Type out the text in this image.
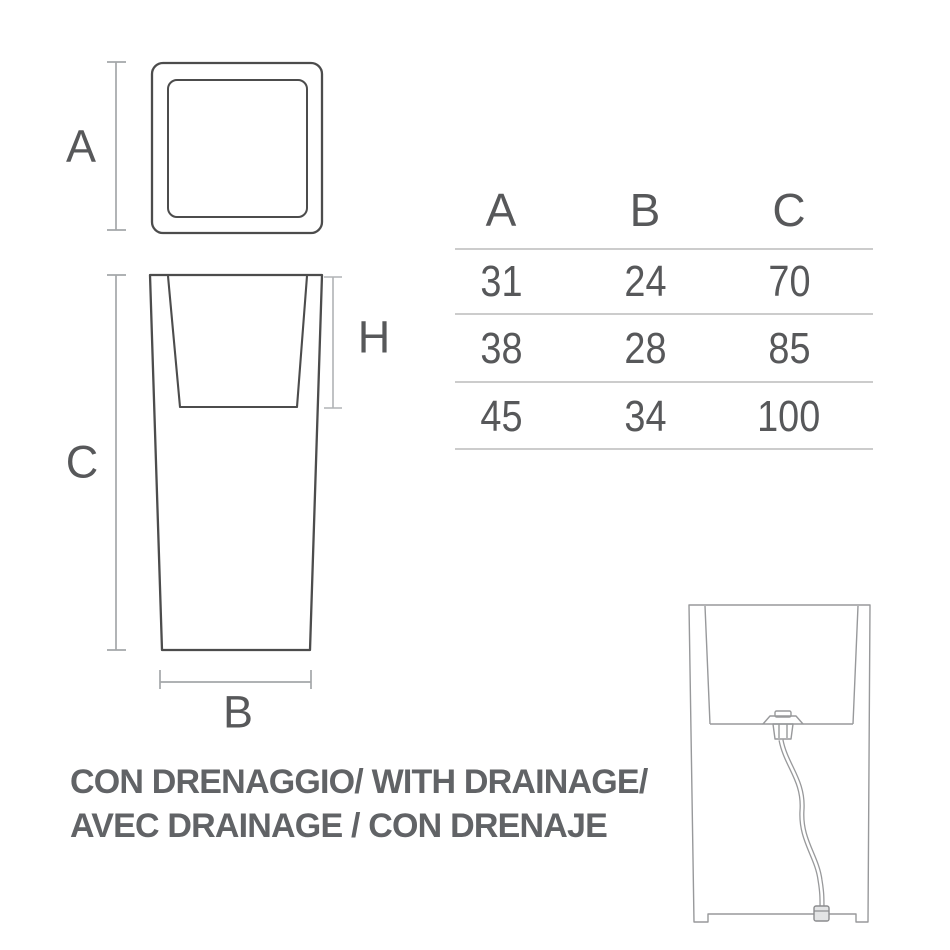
A
C
H
B
A	B	C
31	24	70
38	28	85
45	34	100
CON DRENAGGIO/ WITH DRAINAGE/
AVEC DRAINAGE / CON DRENAJE
